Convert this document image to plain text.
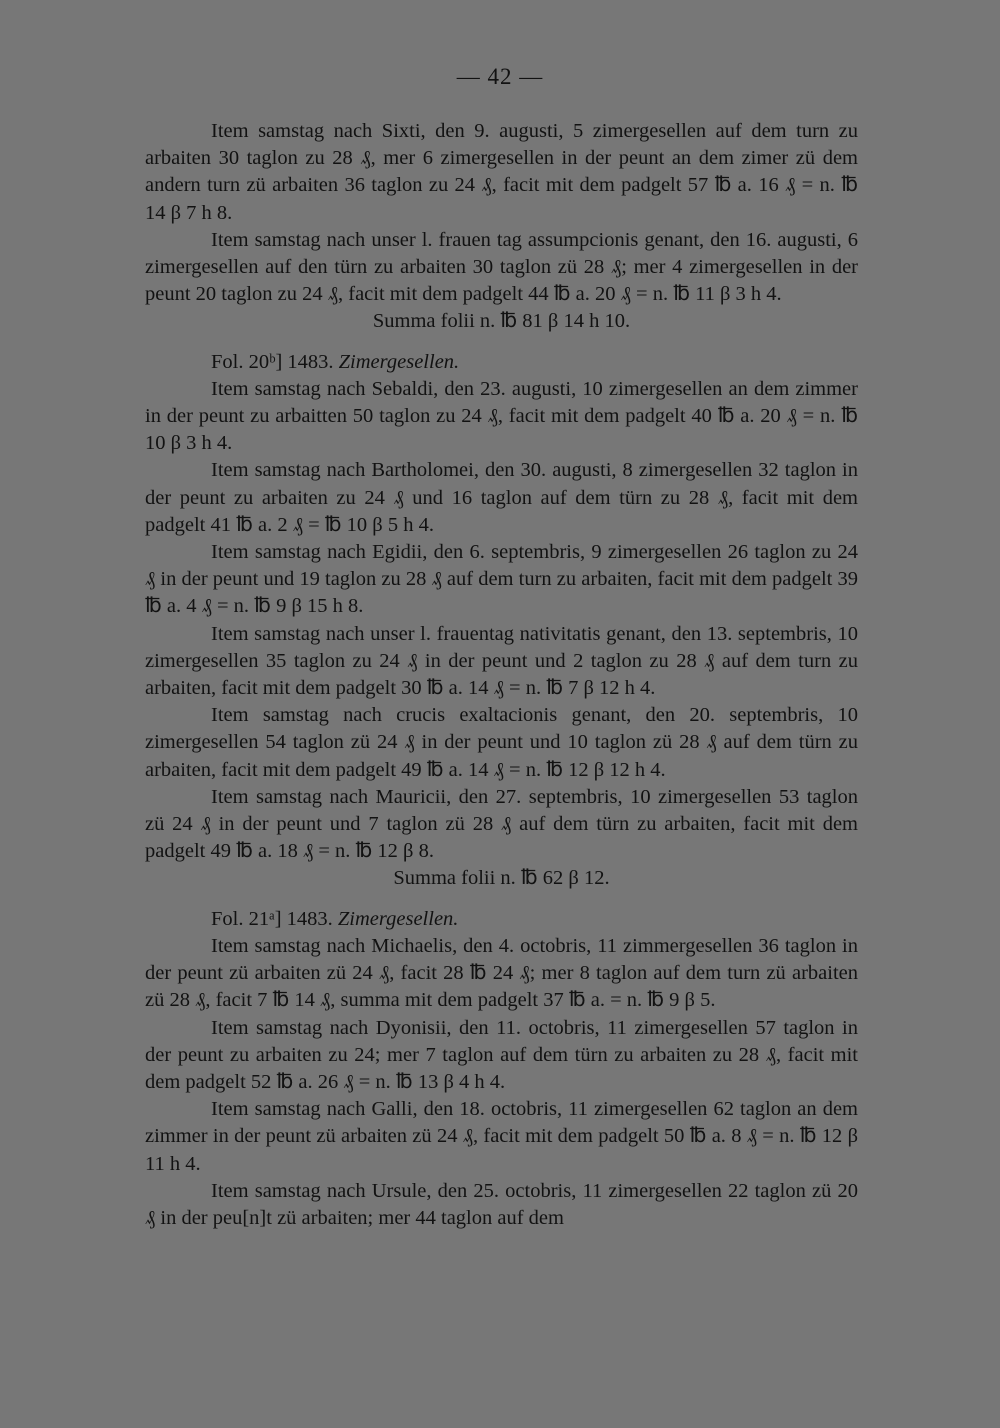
— 42 —

Item samstag nach Sixti, den 9. augusti, 5 zimergesellen auf dem turn zu arbaiten 30 taglon zu 28 ₰, mer 6 zimergesellen in der peunt an dem zimer zü dem andern turn zü arbaiten 36 taglon zu 24 ₰, facit mit dem padgelt 57 ℔ a. 16 ₰ = n. ℔ 14 β 7 h 8.

Item samstag nach unser l. frauen tag assumpcionis genant, den 16. augusti, 6 zimergesellen auf den türn zu arbaiten 30 taglon zü 28 ₰; mer 4 zimergesellen in der peunt 20 taglon zu 24 ₰, facit mit dem padgelt 44 ℔ a. 20 ₰ = n. ℔ 11 β 3 h 4.

Summa folii n. ℔ 81 β 14 h 10.

Fol. 20ᵇ] 1483. Zimergesellen.

Item samstag nach Sebaldi, den 23. augusti, 10 zimergesellen an dem zimmer in der peunt zu arbaitten 50 taglon zu 24 ₰, facit mit dem padgelt 40 ℔ a. 20 ₰ = n. ℔ 10 β 3 h 4.

Item samstag nach Bartholomei, den 30. augusti, 8 zimergesellen 32 taglon in der peunt zu arbaiten zu 24 ₰ und 16 taglon auf dem türn zu 28 ₰, facit mit dem padgelt 41 ℔ a. 2 ₰ = ℔ 10 β 5 h 4.

Item samstag nach Egidii, den 6. septembris, 9 zimergesellen 26 taglon zu 24 ₰ in der peunt und 19 taglon zu 28 ₰ auf dem turn zu arbaiten, facit mit dem padgelt 39 ℔ a. 4 ₰ = n. ℔ 9 β 15 h 8.

Item samstag nach unser l. frauentag nativitatis genant, den 13. septembris, 10 zimergesellen 35 taglon zu 24 ₰ in der peunt und 2 taglon zu 28 ₰ auf dem turn zu arbaiten, facit mit dem padgelt 30 ℔ a. 14 ₰ = n. ℔ 7 β 12 h 4.

Item samstag nach crucis exaltacionis genant, den 20. septembris, 10 zimergesellen 54 taglon zü 24 ₰ in der peunt und 10 taglon zü 28 ₰ auf dem türn zu arbaiten, facit mit dem padgelt 49 ℔ a. 14 ₰ = n. ℔ 12 β 12 h 4.

Item samstag nach Mauricii, den 27. septembris, 10 zimergesellen 53 taglon zü 24 ₰ in der peunt und 7 taglon zü 28 ₰ auf dem türn zu arbaiten, facit mit dem padgelt 49 ℔ a. 18 ₰ = n. ℔ 12 β 8.

Summa folii n. ℔ 62 β 12.

Fol. 21ᵃ] 1483. Zimergesellen.

Item samstag nach Michaelis, den 4. octobris, 11 zimmergesellen 36 taglon in der peunt zü arbaiten zü 24 ₰, facit 28 ℔ 24 ₰; mer 8 taglon auf dem turn zü arbaiten zü 28 ₰, facit 7 ℔ 14 ₰, summa mit dem padgelt 37 ℔ a. = n. ℔ 9 β 5.

Item samstag nach Dyonisii, den 11. octobris, 11 zimergesellen 57 taglon in der peunt zu arbaiten zu 24; mer 7 taglon auf dem türn zu arbaiten zu 28 ₰, facit mit dem padgelt 52 ℔ a. 26 ₰ = n. ℔ 13 β 4 h 4.

Item samstag nach Galli, den 18. octobris, 11 zimergesellen 62 taglon an dem zimmer in der peunt zü arbaiten zü 24 ₰, facit mit dem padgelt 50 ℔ a. 8 ₰ = n. ℔ 12 β 11 h 4.

Item samstag nach Ursule, den 25. octobris, 11 zimergesellen 22 taglon zü 20 ₰ in der peu[n]t zü arbaiten; mer 44 taglon auf dem
